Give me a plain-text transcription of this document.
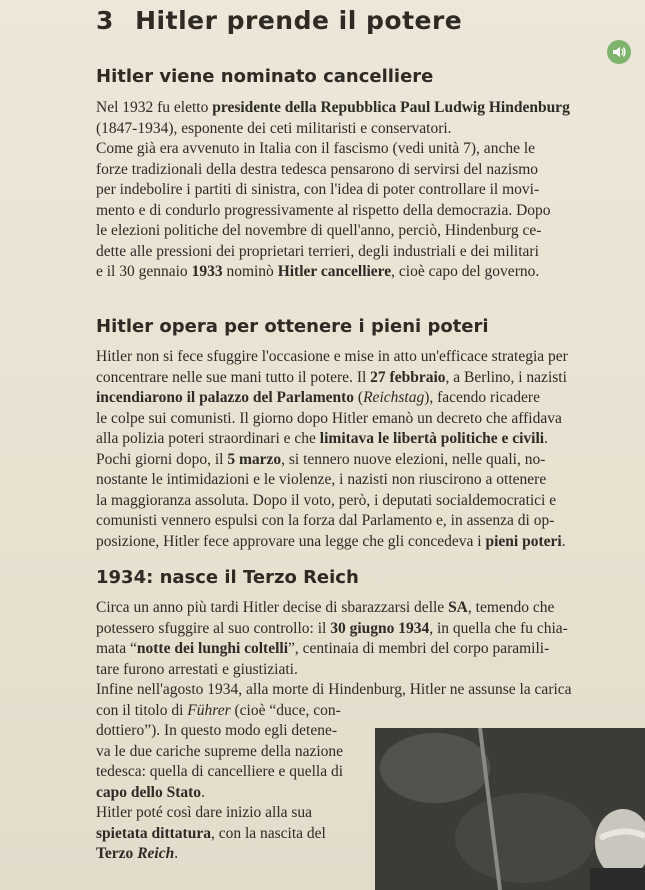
3 Hitler prende il potere
Hitler viene nominato cancelliere
Nel 1932 fu eletto presidente della Repubblica Paul Ludwig Hindenburg
(1847-1934), esponente dei ceti militaristi e conservatori.
Come già era avvenuto in Italia con il fascismo (vedi unità 7), anche le
forze tradizionali della destra tedesca pensarono di servirsi del nazismo
per indebolire i partiti di sinistra, con l'idea di poter controllare il movi-
mento e di condurlo progressivamente al rispetto della democrazia. Dopo
le elezioni politiche del novembre di quell'anno, perciò, Hindenburg ce-
dette alle pressioni dei proprietari terrieri, degli industriali e dei militari
e il 30 gennaio 1933 nominò Hitler cancelliere, cioè capo del governo.
Hitler opera per ottenere i pieni poteri
Hitler non si fece sfuggire l'occasione e mise in atto un'efficace strategia per
concentrare nelle sue mani tutto il potere. Il 27 febbraio, a Berlino, i nazisti
incendiarono il palazzo del Parlamento (Reichstag), facendo ricadere
le colpe sui comunisti. Il giorno dopo Hitler emanò un decreto che affidava
alla polizia poteri straordinari e che limitava le libertà politiche e civili.
Pochi giorni dopo, il 5 marzo, si tennero nuove elezioni, nelle quali, no-
nostante le intimidazioni e le violenze, i nazisti non riuscirono a ottenere
la maggioranza assoluta. Dopo il voto, però, i deputati socialdemocratici e
comunisti vennero espulsi con la forza dal Parlamento e, in assenza di op-
posizione, Hitler fece approvare una legge che gli concedeva i pieni poteri.
1934: nasce il Terzo Reich
Circa un anno più tardi Hitler decise di sbarazzarsi delle SA, temendo che
potessero sfuggire al suo controllo: il 30 giugno 1934, in quella che fu chia-
mata “notte dei lunghi coltelli”, centinaia di membri del corpo paramili-
tare furono arrestati e giustiziati.
Infine nell'agosto 1934, alla morte di Hindenburg, Hitler ne assunse la carica
con il titolo di Führer (cioè “duce, con-
dottiero”). In questo modo egli detene-
va le due cariche supreme della nazione
tedesca: quella di cancelliere e quella di
capo dello Stato.
Hitler poté così dare inizio alla sua
spietata dittatura, con la nascita del
Terzo Reich.
